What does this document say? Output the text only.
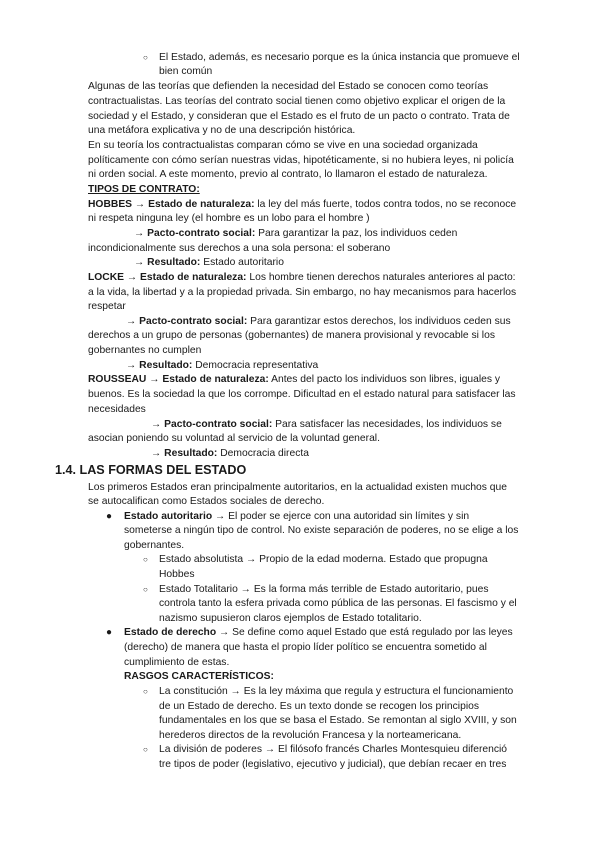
○ El Estado, además, es necesario porque es la única instancia que promueve el
bien común
Algunas de las teorías que defienden la necesidad del Estado se conocen como teorías
contractualistas. Las teorías del contrato social tienen como objetivo explicar el origen de la
sociedad y el Estado, y consideran que el Estado es el fruto de un pacto o contrato. Trata de
una metáfora explicativa y no de una descripción histórica.
En su teoría los contractualistas comparan cómo se vive en una sociedad organizada
políticamente con cómo serían nuestras vidas, hipotéticamente, si no hubiera leyes, ni policía
ni orden social. A este momento, previo al contrato, lo llamaron el estado de naturaleza.
TIPOS DE CONTRATO:
HOBBES → Estado de naturaleza: la ley del más fuerte, todos contra todos, no se reconoce
ni respeta ninguna ley (el hombre es un lobo para el hombre )
→ Pacto-contrato social: Para garantizar la paz, los individuos ceden
incondicionalmente sus derechos a una sola persona: el soberano
→ Resultado: Estado autoritario
LOCKE → Estado de naturaleza: Los hombre tienen derechos naturales anteriores al pacto:
a la vida, la libertad y a la propiedad privada. Sin embargo, no hay mecanismos para hacerlos
respetar
→ Pacto-contrato social: Para garantizar estos derechos, los individuos ceden sus
derechos a un grupo de personas (gobernantes) de manera provisional y revocable si los
gobernantes no cumplen
→ Resultado: Democracia representativa
ROUSSEAU → Estado de naturaleza: Antes del pacto los individuos son libres, iguales y
buenos. Es la sociedad la que los corrompe. Dificultad en el estado natural para satisfacer las
necesidades
→ Pacto-contrato social: Para satisfacer las necesidades, los individuos se
asocian poniendo su voluntad al servicio de la voluntad general.
→ Resultado: Democracia directa
1.4. LAS FORMAS DEL ESTADO
Los primeros Estados eran principalmente autoritarios, en la actualidad existen muchos que
se autocalifican como Estados sociales de derecho.
● Estado autoritario → El poder se ejerce con una autoridad sin límites y sin
someterse a ningún tipo de control. No existe separación de poderes, no se elige a los
gobernantes.
○ Estado absolutista → Propio de la edad moderna. Estado que propugna
Hobbes
○ Estado Totalitario → Es la forma más terrible de Estado autoritario, pues
controla tanto la esfera privada como pública de las personas. El fascismo y el
nazismo supusieron claros ejemplos de Estado totalitario.
● Estado de derecho → Se define como aquel Estado que está regulado por las leyes
(derecho) de manera que hasta el propio líder político se encuentra sometido al
cumplimiento de estas.
RASGOS CARACTERÍSTICOS:
○ La constitución → Es la ley máxima que regula y estructura el funcionamiento
de un Estado de derecho. Es un texto donde se recogen los principios
fundamentales en los que se basa el Estado. Se remontan al siglo XVIII, y son
herederos directos de la revolución Francesa y la norteamericana.
○ La división de poderes → El filósofo francés Charles Montesquieu diferenció
tre tipos de poder (legislativo, ejecutivo y judicial), que debían recaer en tres
